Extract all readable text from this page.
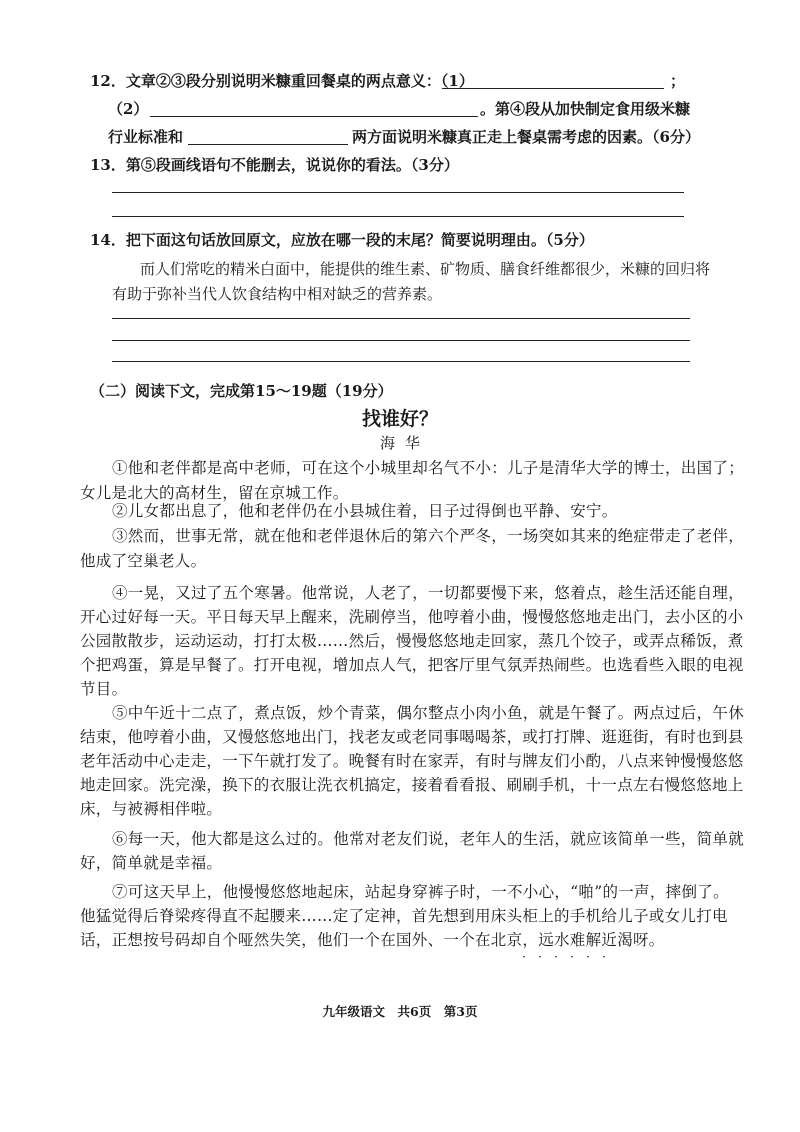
12．文章②③段分别说明米糠重回餐桌的两点意义：（1）	；
（2）	。第④段从加快制定食用级米糠
行业标准和	两方面说明米糠真正走上餐桌需考虑的因素。（6分）
13．第⑤段画线语句不能删去，说说你的看法。（3分）
14．把下面这句话放回原文，应放在哪一段的末尾？简要说明理由。（5分）
而人们常吃的精米白面中，能提供的维生素、矿物质、膳食纤维都很少，米糠的回归将
有助于弥补当代人饮食结构中相对缺乏的营养素。
（二）阅读下文，完成第15～19题（19分）
找谁好？
海华
①他和老伴都是高中老师，可在这个小城里却名气不小：儿子是清华大学的博士，出国了；
女儿是北大的高材生，留在京城工作。
②儿女都出息了，他和老伴仍在小县城住着，日子过得倒也平静、安宁。
③然而，世事无常，就在他和老伴退休后的第六个严冬，一场突如其来的绝症带走了老伴，
他成了空巢老人。
④一晃，又过了五个寒暑。他常说，人老了，一切都要慢下来，悠着点，趁生活还能自理，
开心过好每一天。平日每天早上醒来，洗刷停当，他哼着小曲，慢慢悠悠地走出门，去小区的小
公园散散步，运动运动，打打太极……然后，慢慢悠悠地走回家，蒸几个饺子，或弄点稀饭，煮
个把鸡蛋，算是早餐了。打开电视，增加点人气，把客厅里气氛弄热闹些。也选看些入眼的电视
节目。
⑤中午近十二点了，煮点饭，炒个青菜，偶尔整点小肉小鱼，就是午餐了。两点过后，午休
结束，他哼着小曲，又慢悠悠地出门，找老友或老同事喝喝茶，或打打牌、逛逛街，有时也到县
老年活动中心走走，一下午就打发了。晚餐有时在家弄，有时与牌友们小酌，八点来钟慢慢悠悠
地走回家。洗完澡，换下的衣服让洗衣机搞定，接着看看报、刷刷手机，十一点左右慢悠悠地上
床，与被褥相伴啦。
⑥每一天，他大都是这么过的。他常对老友们说，老年人的生活，就应该简单一些，简单就
好，简单就是幸福。
⑦可这天早上，他慢慢悠悠地起床，站起身穿裤子时，一不小心，“啪”的一声，摔倒了。
他猛觉得后脊梁疼得直不起腰来……定了定神，首先想到用床头柜上的手机给儿子或女儿打电
话，正想按号码却自个哑然失笑，他们一个在国外、一个在北京，远水难解近渴呀。
· · · · · ·
九年级语文　共6页　第3页
